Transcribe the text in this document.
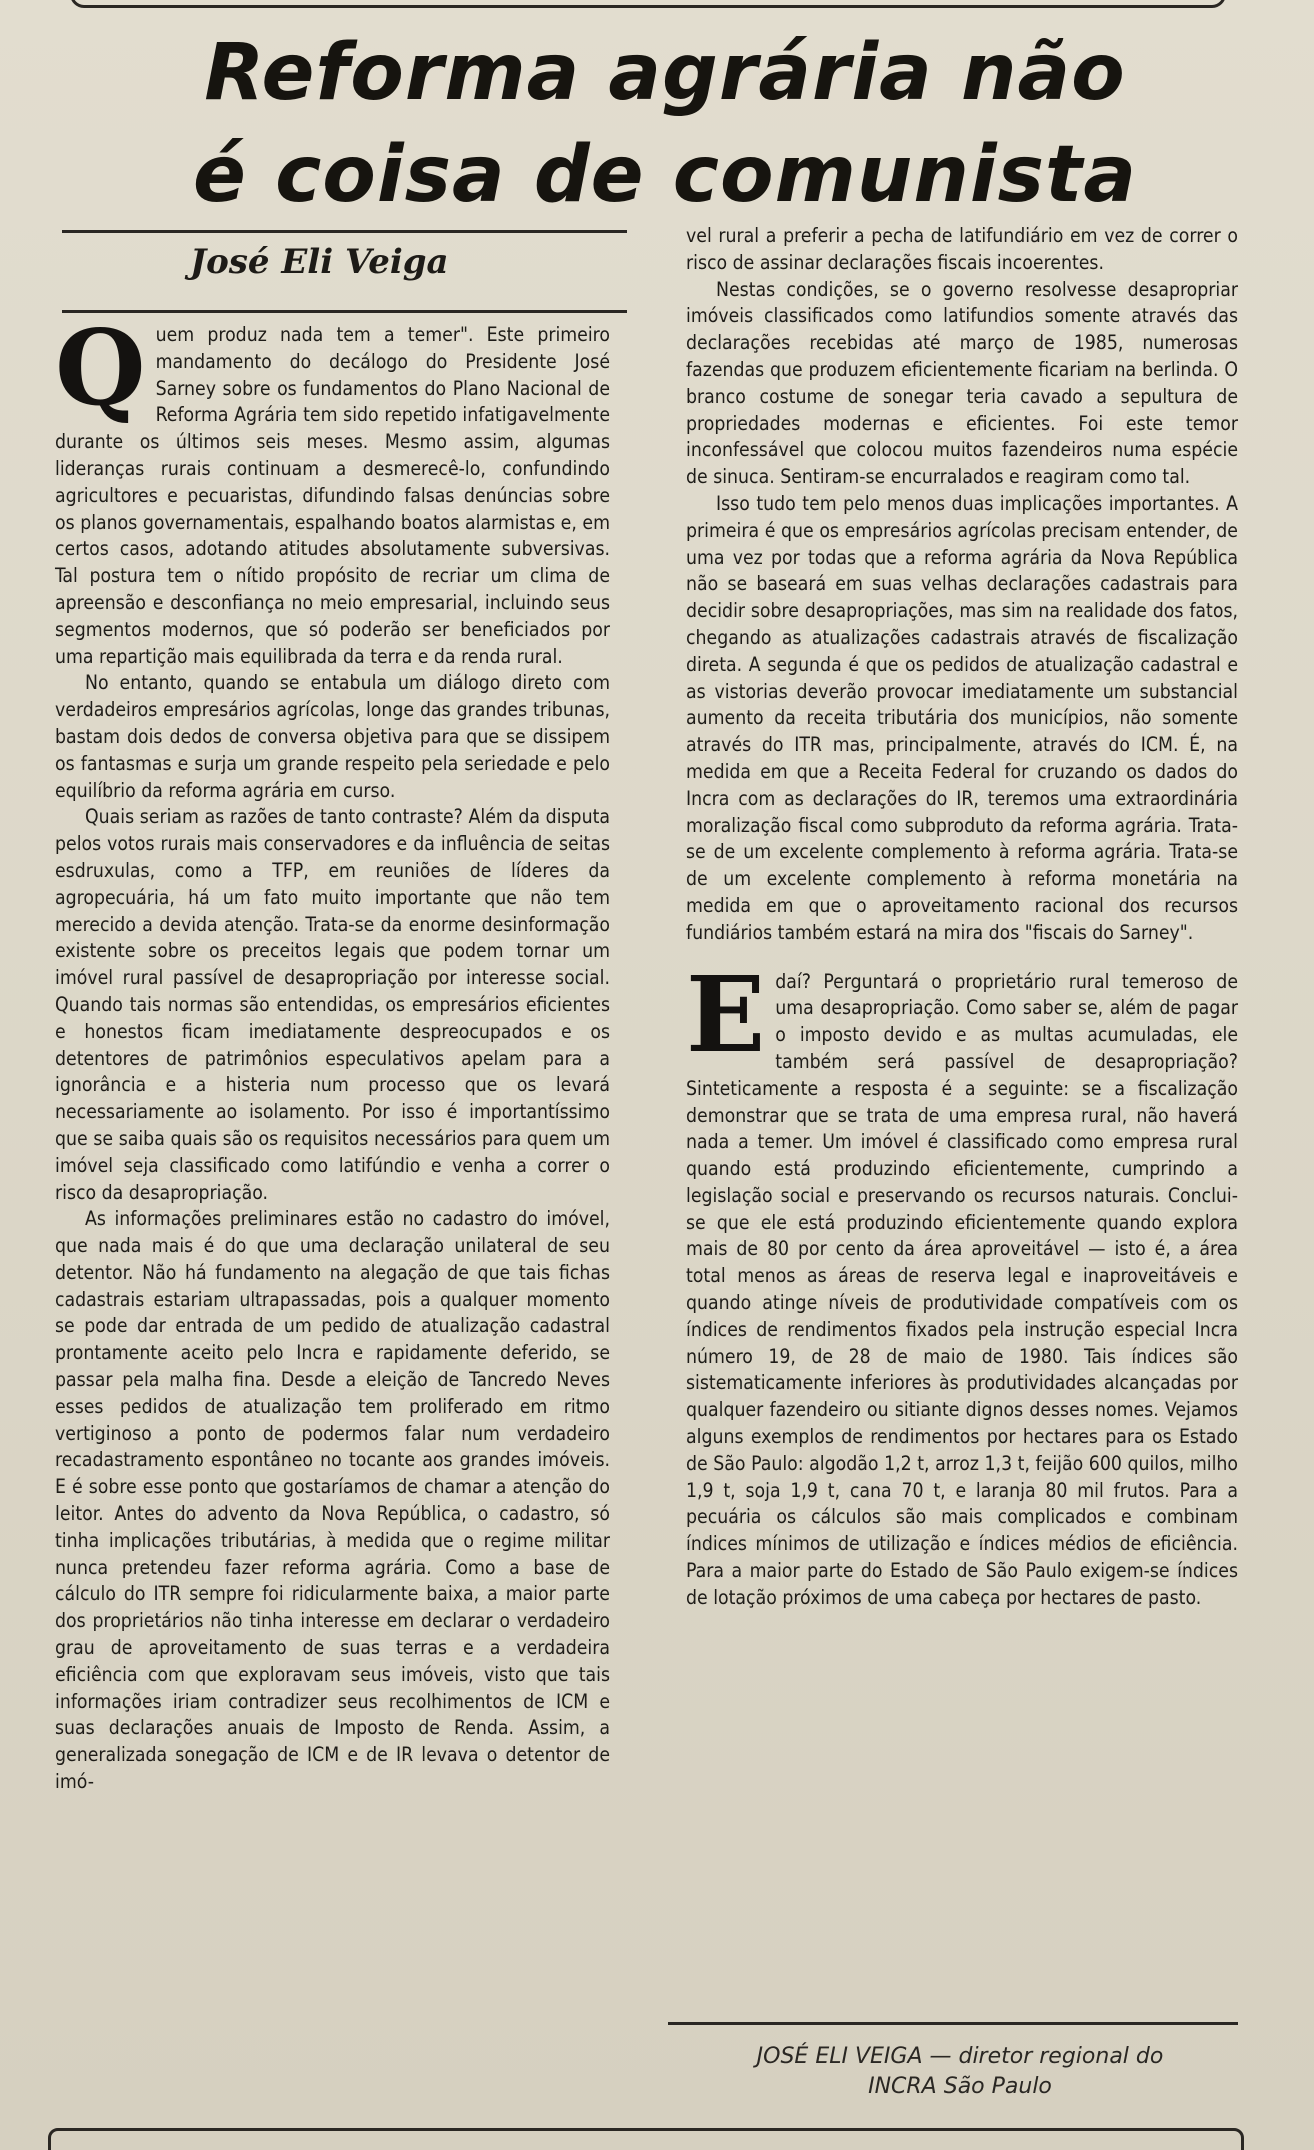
Reforma agrária não
é coisa de comunista
José Eli Veiga

Quem produz nada tem a temer". Este primeiro mandamento do decálogo do Presidente José Sarney sobre os fundamentos do Plano Nacional de Reforma Agrária tem sido repetido infatigavelmente durante os últimos seis meses. Mesmo assim, algumas lideranças rurais continuam a desmerecê-lo, confundindo agricultores e pecuaristas, difundindo falsas denúncias sobre os planos governamentais, espalhando boatos alarmistas e, em certos casos, adotando atitudes absolutamente subversivas. Tal postura tem o nítido propósito de recriar um clima de apreensão e desconfiança no meio empresarial, incluindo seus segmentos modernos, que só poderão ser beneficiados por uma repartição mais equilibrada da terra e da renda rural.

No entanto, quando se entabula um diálogo direto com verdadeiros empresários agrícolas, longe das grandes tribunas, bastam dois dedos de conversa objetiva para que se dissipem os fantasmas e surja um grande respeito pela seriedade e pelo equilíbrio da reforma agrária em curso.

Quais seriam as razões de tanto contraste? Além da disputa pelos votos rurais mais conservadores e da influência de seitas esdruxulas, como a TFP, em reuniões de líderes da agropecuária, há um fato muito importante que não tem merecido a devida atenção. Trata-se da enorme desinformação existente sobre os preceitos legais que podem tornar um imóvel rural passível de desapropriação por interesse social. Quando tais normas são entendidas, os empresários eficientes e honestos ficam imediatamente despreocupados e os detentores de patrimônios especulativos apelam para a ignorância e a histeria num processo que os levará necessariamente ao isolamento. Por isso é importantíssimo que se saiba quais são os requisitos necessários para quem um imóvel seja classificado como latifúndio e venha a correr o risco da desapropriação.

As informações preliminares estão no cadastro do imóvel, que nada mais é do que uma declaração unilateral de seu detentor. Não há fundamento na alegação de que tais fichas cadastrais estariam ultrapassadas, pois a qualquer momento se pode dar entrada de um pedido de atualização cadastral prontamente aceito pelo Incra e rapidamente deferido, se passar pela malha fina. Desde a eleição de Tancredo Neves esses pedidos de atualização tem proliferado em ritmo vertiginoso a ponto de podermos falar num verdadeiro recadastramento espontâneo no tocante aos grandes imóveis. E é sobre esse ponto que gostaríamos de chamar a atenção do leitor. Antes do advento da Nova República, o cadastro, só tinha implicações tributárias, à medida que o regime militar nunca pretendeu fazer reforma agrária. Como a base de cálculo do ITR sempre foi ridicularmente baixa, a maior parte dos proprietários não tinha interesse em declarar o verdadeiro grau de aproveitamento de suas terras e a verdadeira eficiência com que exploravam seus imóveis, visto que tais informações iriam contradizer seus recolhimentos de ICM e suas declarações anuais de Imposto de Renda. Assim, a generalizada sonegação de ICM e de IR levava o detentor de imó-

vel rural a preferir a pecha de latifundiário em vez de correr o risco de assinar declarações fiscais incoerentes.

Nestas condições, se o governo resolvesse desapropriar imóveis classificados como latifundios somente através das declarações recebidas até março de 1985, numerosas fazendas que produzem eficientemente ficariam na berlinda. O branco costume de sonegar teria cavado a sepultura de propriedades modernas e eficientes. Foi este temor inconfessável que colocou muitos fazendeiros numa espécie de sinuca. Sentiram-se encurralados e reagiram como tal.

Isso tudo tem pelo menos duas implicações importantes. A primeira é que os empresários agrícolas precisam entender, de uma vez por todas que a reforma agrária da Nova República não se baseará em suas velhas declarações cadastrais para decidir sobre desapropriações, mas sim na realidade dos fatos, chegando as atualizações cadastrais através de fiscalização direta. A segunda é que os pedidos de atualização cadastral e as vistorias deverão provocar imediatamente um substancial aumento da receita tributária dos municípios, não somente através do ITR mas, principalmente, através do ICM. É, na medida em que a Receita Federal for cruzando os dados do Incra com as declarações do IR, teremos uma extraordinária moralização fiscal como subproduto da reforma agrária. Trata-se de um excelente complemento à reforma agrária. Trata-se de um excelente complemento à reforma monetária na medida em que o aproveitamento racional dos recursos fundiários também estará na mira dos "fiscais do Sarney".

Edaí? Perguntará o proprietário rural temeroso de uma desapropriação. Como saber se, além de pagar o imposto devido e as multas acumuladas, ele também será passível de desapropriação? Sinteticamente a resposta é a seguinte: se a fiscalização demonstrar que se trata de uma empresa rural, não haverá nada a temer. Um imóvel é classificado como empresa rural quando está produzindo eficientemente, cumprindo a legislação social e preservando os recursos naturais. Conclui-se que ele está produzindo eficientemente quando explora mais de 80 por cento da área aproveitável — isto é, a área total menos as áreas de reserva legal e inaproveitáveis e quando atinge níveis de produtividade compatíveis com os índices de rendimentos fixados pela instrução especial Incra número 19, de 28 de maio de 1980. Tais índices são sistematicamente inferiores às produtividades alcançadas por qualquer fazendeiro ou sitiante dignos desses nomes. Vejamos alguns exemplos de rendimentos por hectares para os Estado de São Paulo: algodão 1,2 t, arroz 1,3 t, feijão 600 quilos, milho 1,9 t, soja 1,9 t, cana 70 t, e laranja 80 mil frutos. Para a pecuária os cálculos são mais complicados e combinam índices mínimos de utilização e índices médios de eficiência. Para a maior parte do Estado de São Paulo exigem-se índices de lotação próximos de uma cabeça por hectares de pasto.

JOSÉ ELI VEIGA — diretor regional do
INCRA São Paulo
